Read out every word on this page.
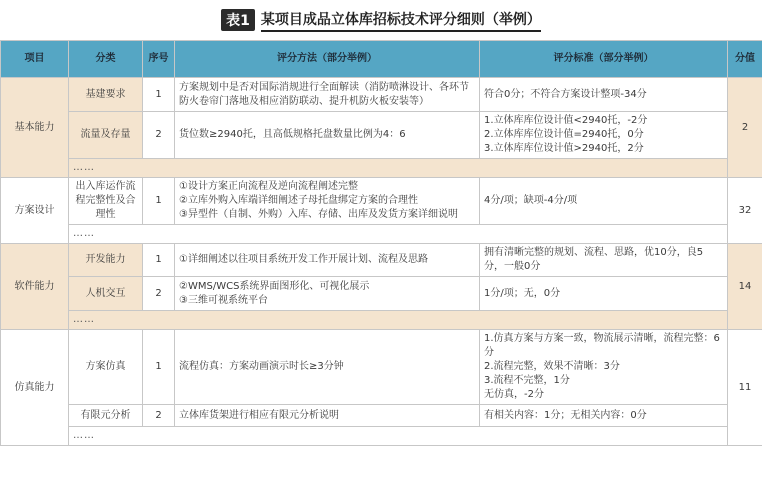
表1 某项目成品立体库招标技术评分细则（举例）
项目	分类	序号	评分方法（部分举例）	评分标准（部分举例）	分值
基本能力	基建要求	1	方案规划中是否对国际消规进行全面解读（消防喷淋设计、各环节防火卷帘门落地及相应消防联动、提升机防火板安装等）	符合0分；不符合方案设计整项-34分	2
	流量及存量	2	货位数≥2940托，且高低规格托盘数量比例为4：6	1.立体库库位设计值<2940托，-2分
2.立体库库位设计值=2940托，0分
3.立体库库位设计值>2940托，2分	

	……				
方案设计	出入库运作流程完整性及合理性	1	①设计方案正向流程及逆向流程阐述完整
②立库外购入库端详细阐述子母托盘绑定方案的合理性
③异型件（自制、外购）入库、存储、出库及发货方案详细说明	4分/项；缺项-4分/项	32
	……				
软件能力	开发能力	1	①详细阐述以往项目系统开发工作开展计划、流程及思路	拥有清晰完整的规划、流程、思路，优10分，良5分，一般0分	14
	人机交互	2	②WMS/WCS系统界面图形化、可视化展示
③三维可视系统平台	1分/项；无，0分	

	……				
仿真能力	方案仿真	1	流程仿真：方案动画演示时长≥3分钟	1.仿真方案与方案一致，物流展示清晰，流程完整：6分
2.流程完整，效果不清晰：3分
3.流程不完整，1分
无仿真，-2分	11
	有限元分析	2	立体库货架进行相应有限元分析说明	有相关内容：1分；无相关内容：0分	

	……				
